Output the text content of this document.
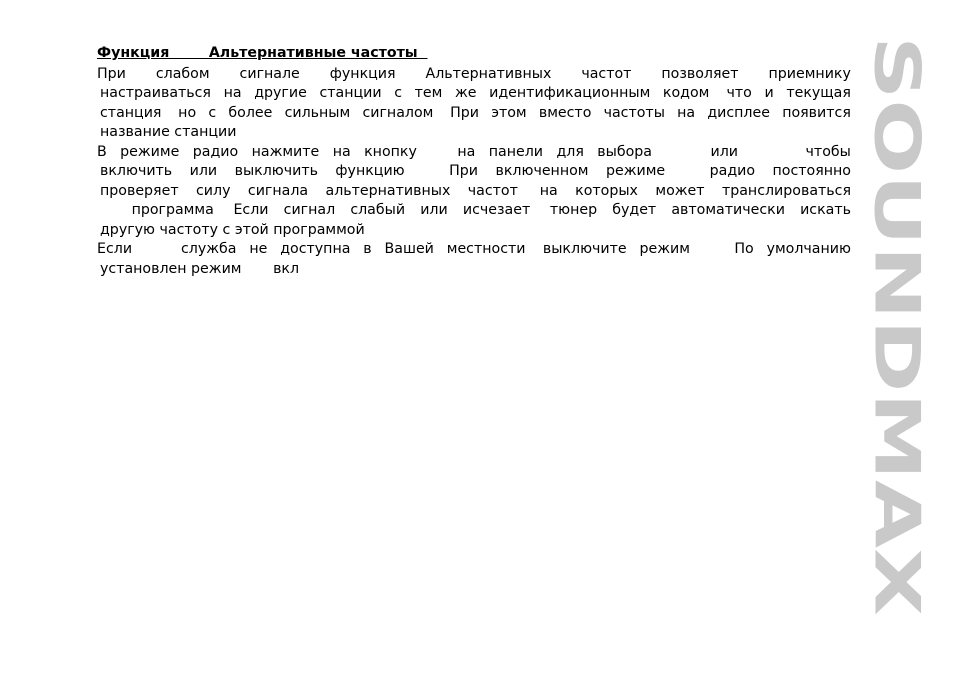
Функция        Альтернативные частоты
При слабом сигнале функция Альтернативных частот позволяет приемнику
настраиваться на другие станции с тем же идентификационным кодом что и текущая
станция но с более сильным сигналом При этом вместо частоты на дисплее появится
название станции
В режиме радио нажмите на кнопку на панели для выбора или чтобы
включить или выключить функцию При включенном режиме радио постоянно
проверяет силу сигнала альтернативных частот на которых может транслироваться
программа Если сигнал слабый или исчезает тюнер будет автоматически искать
другую частоту с этой программой
Если служба не доступна в Вашей местности выключите режим По умолчанию
установлен режим       вкл	SOUNDMAX
